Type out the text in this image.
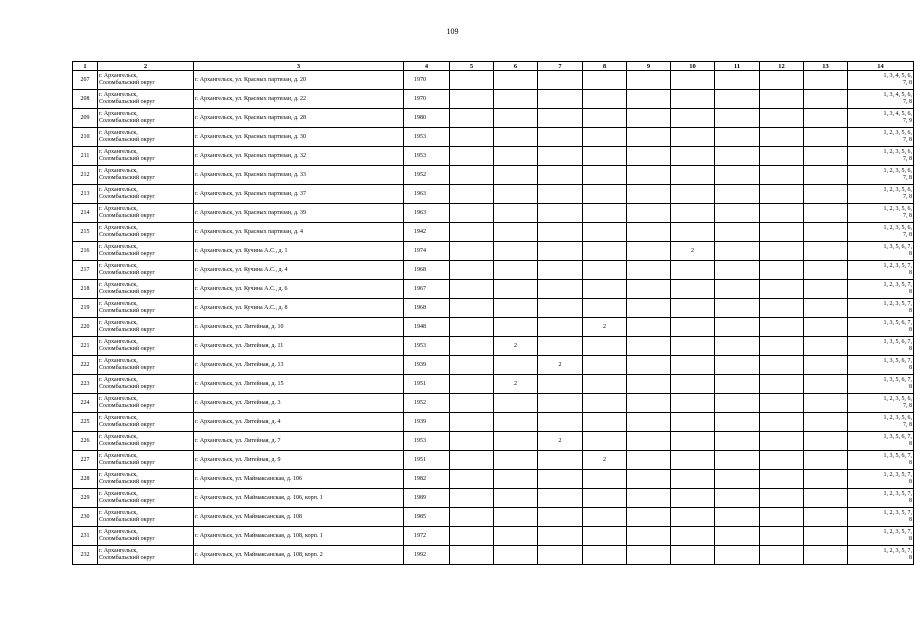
109
1	2	3	4	5	6	7	8	9	10	11	12	13	14
207	г. Архангельск,
Соломбальский округ	г. Архангельск, ул. Красных партизан, д. 20	1970										1, 3, 4, 5, 6,
7, 8
208	г. Архангельск,
Соломбальский округ	г. Архангельск, ул. Красных партизан, д. 22	1970										1, 3, 4, 5, 6,
7, 8
209	г. Архангельск,
Соломбальский округ	г. Архангельск, ул. Красных партизан, д. 28	1980										1, 3, 4, 5, 6,
7, 9
210	г. Архангельск,
Соломбальский округ	г. Архангельск, ул. Красных партизан, д. 30	1953										1, 2, 3, 5, 6,
7, 8
211	г. Архангельск,
Соломбальский округ	г. Архангельск, ул. Красных партизан, д. 32	1953										1, 2, 3, 5, 6,
7, 8
212	г. Архангельск,
Соломбальский округ	г. Архангельск, ул. Красных партизан, д. 33	1952										1, 2, 3, 5, 6,
7, 8
213	г. Архангельск,
Соломбальский округ	г. Архангельск, ул. Красных партизан, д. 37	1963										1, 2, 3, 5, 6,
7, 8
214	г. Архангельск,
Соломбальский округ	г. Архангельск, ул. Красных партизан, д. 39	1963										1, 2, 3, 5, 6,
7, 8
215	г. Архангельск,
Соломбальский округ	г. Архангельск, ул. Красных партизан, д. 4	1942										1, 2, 3, 5, 6,
7, 8
216	г. Архангельск,
Соломбальский округ	г. Архангельск, ул. Кучина А.С., д. 1	1974						2				1, 3, 5, 6, 7,
8
217	г. Архангельск,
Соломбальский округ	г. Архангельск, ул. Кучина А.С., д. 4	1968										1, 2, 3, 5, 7,
8
218	г. Архангельск,
Соломбальский округ	г. Архангельск, ул. Кучина А.С., д. 6	1967										1, 2, 3, 5, 7,
8
219	г. Архангельск,
Соломбальский округ	г. Архангельск, ул. Кучина А.С., д. 8	1968										1, 2, 3, 5, 7,
8
220	г. Архангельск,
Соломбальский округ	г. Архангельск, ул. Литейная, д. 10	1948				2						1, 3, 5, 6, 7,
8
221	г. Архангельск,
Соломбальский округ	г. Архангельск, ул. Литейная, д. 11	1953		2								1, 3, 5, 6, 7,
8
222	г. Архангельск,
Соломбальский округ	г. Архангельск, ул. Литейная, д. 13	1939			2							1, 3, 5, 6, 7,
8
223	г. Архангельск,
Соломбальский округ	г. Архангельск, ул. Литейная, д. 15	1951		2								1, 3, 5, 6, 7,
8
224	г. Архангельск,
Соломбальский округ	г. Архангельск, ул. Литейная, д. 3	1952										1, 2, 3, 5, 6,
7, 8
225	г. Архангельск,
Соломбальский округ	г. Архангельск, ул. Литейная, д. 4	1939										1, 2, 3, 5, 6,
7, 8
226	г. Архангельск,
Соломбальский округ	г. Архангельск, ул. Литейная, д. 7	1953			2							1, 3, 5, 6, 7,
8
227	г. Архангельск,
Соломбальский округ	г. Архангельск, ул. Литейная, д. 9	1951				2						1, 3, 5, 6, 7,
8
228	г. Архангельск,
Соломбальский округ	г. Архангельск, ул. Маймаксанская, д. 106	1982										1, 2, 3, 5, 7,
8
229	г. Архангельск,
Соломбальский округ	г. Архангельск, ул. Маймаксанская, д. 106, корп. 1	1989										1, 2, 3, 5, 7,
8
230	г. Архангельск,
Соломбальский округ	г. Архангельск, ул. Маймаксанская, д. 108	1985										1, 2, 3, 5, 7,
8
231	г. Архангельск,
Соломбальский округ	г. Архангельск, ул. Маймаксанская, д. 108, корп. 1	1972										1, 2, 3, 5, 7,
8
232	г. Архангельск,
Соломбальский округ	г. Архангельск, ул. Маймаксанская, д. 108, корп. 2	1992										1, 2, 3, 5, 7,
8
